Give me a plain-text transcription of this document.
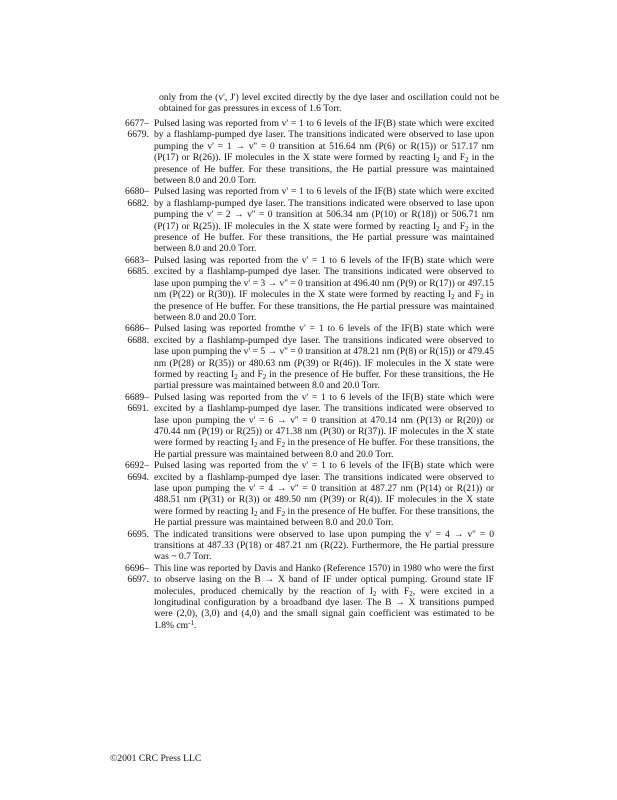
only from the (v', J') level excited directly by the dye laser and oscillation could not be obtained for gas pressures in excess of 1.6 Torr.
6677–
6679.
Pulsed lasing was reported from v' = 1 to 6 levels of the IF(B) state which were excited by a flashlamp-pumped dye laser. The transitions indicated were observed to lase upon pumping the v' = 1 → v'' = 0 transition at 516.64 nm (P(6) or R(15)) or 517.17 nm (P(17) or R(26)). IF molecules in the X state were formed by reacting $I_2$ and $F_2$ in the presence of He buffer. For these transitions, the He partial pressure was maintained between 8.0 and 20.0 Torr.
6680–
6682.
Pulsed lasing was reported from v' = 1 to 6 levels of the IF(B) state which were excited by a flashlamp-pumped dye laser. The transitions indicated were observed to lase upon pumping the v' = 2 → v'' = 0 transition at 506.34 nm (P(10) or R(18)) or 506.71 nm (P(17) or R(25)). IF molecules in the X state were formed by reacting $I_2$ and $F_2$ in the presence of He buffer. For these transitions, the He partial pressure was maintained between 8.0 and 20.0 Torr.
6683–
6685.
Pulsed lasing was reported from the v' = 1 to 6 levels of the IF(B) state which were excited by a flashlamp-pumped dye laser. The transitions indicated were observed to lase upon pumping the v' = 3 → v'' = 0 transition at 496.40 nm (P(9) or R(17)) or 497.15 nm (P(22) or R(30)). IF molecules in the X state were formed by reacting $I_2$ and $F_2$ in the presence of He buffer. For these transitions, the He partial pressure was maintained between 8.0 and 20.0 Torr.
6686–
6688.
Pulsed lasing was reported fromthe v' = 1 to 6 levels of the IF(B) state which were excited by a flashlamp-pumped dye laser. The transitions indicated were observed to lase upon pumping the v' = 5 → v'' = 0 transition at 478.21 nm (P(8) or R(15)) or 479.45 nm (P(28) or R(35)) or 480.63 nm (P(39) or R(46)). IF molecules in the X state were formed by reacting $I_2$ and $F_2$ in the presence of He buffer. For these transitions, the He partial pressure was maintained between 8.0 and 20.0 Torr.
6689–
6691.
Pulsed lasing was reported from the v' = 1 to 6 levels of the IF(B) state which were excited by a flashlamp-pumped dye laser. The transitions indicated were observed to lase upon pumping the v' = 6 → v'' = 0 transition at 470.14 nm (P(13) or R(20)) or 470.44 nm (P(19) or R(25)) or 471.38 nm (P(30) or R(37)). IF molecules in the X state were formed by reacting $I_2$ and $F_2$ in the presence of He buffer. For these transitions, the He partial pressure was maintained between 8.0 and 20.0 Torr.
6692–
6694.
Pulsed lasing was reported from the v' = 1 to 6 levels of the IF(B) state which were excited by a flashlamp-pumped dye laser. The transitions indicated were observed to lase upon pumping the v' = 4 → v'' = 0 transition at 487.27 nm (P(14) or R(21)) or 488.51 nm (P(31) or R(3)) or 489.50 nm (P(39) or R(4)). IF molecules in the X state were formed by reacting $I_2$ and $F_2$ in the presence of He buffer. For these transitions, the He partial pressure was maintained between 8.0 and 20.0 Torr.
6695. The indicated transitions were observed to lase upon pumping the v' = 4 → v'' = 0 transitions at 487.33 (P(18) or 487.21 nm (R(22). Furthermore, the He partial pressure was ~ 0.7 Torr.
6696–
6697.
This line was reported by Davis and Hanko (Reference 1570) in 1980 who were the first to observe lasing on the B → X band of IF under optical pumping. Ground state IF molecules, produced chemically by the reaction of $I_2$ with $F_2$, were excited in a longitudinal configuration by a broadband dye laser. The B → X transitions pumped were (2,0), (3,0) and (4,0) and the small signal gain coefficient was estimated to be 1.8% $cm^{-1}$.
©2001 CRC Press LLC
